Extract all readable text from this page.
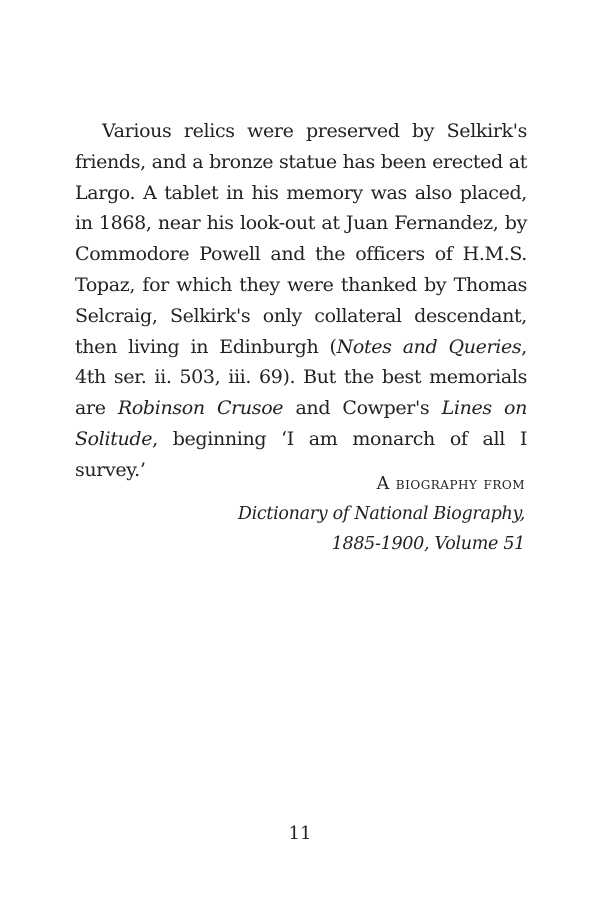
Various relics were preserved by Selkirk's friends, and a bronze statue has been erected at Largo. A tablet in his memory was also placed, in 1868, near his look-out at Juan Fernandez, by Commodore Powell and the officers of H.M.S. Topaz, for which they were thanked by Thomas Selcraig, Selkirk's only collateral descendant, then living in Edinburgh (Notes and Queries, 4th ser. ii. 503, iii. 69). But the best memorials are Robinson Crusoe and Cowper's Lines on Solitude, beginning ‘I am monarch of all I survey.’

A biography from
Dictionary of National Biography,
1885-1900, Volume 51
11
